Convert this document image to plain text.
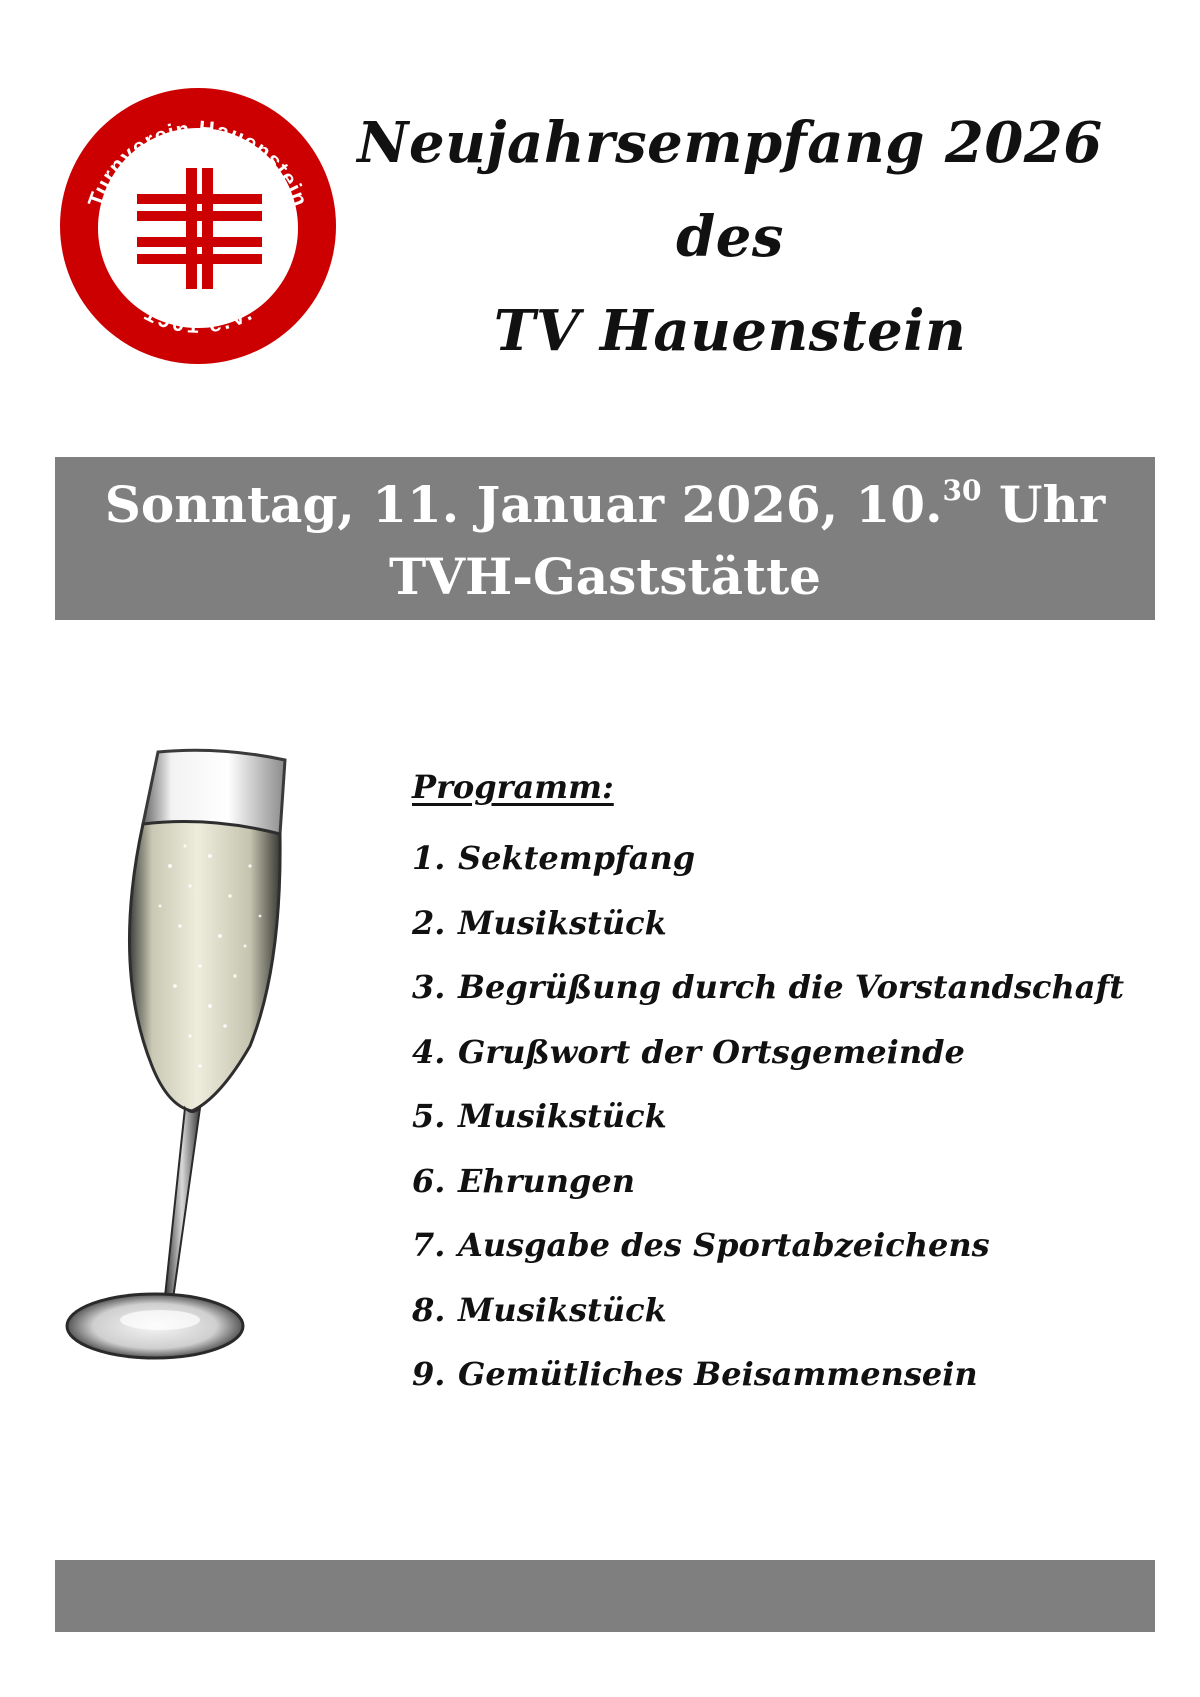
Turnverein Hauenstein
1901 e.V.
Neujahrsempfang 2026
des
TV Hauenstein
Sonntag, 11. Januar 2026, 10.30 Uhr
TVH-Gaststätte
Programm:
1. Sektempfang
2. Musikstück
3. Begrüßung durch die Vorstandschaft
4. Grußwort der Ortsgemeinde
5. Musikstück
6. Ehrungen
7. Ausgabe des Sportabzeichens
8. Musikstück
9. Gemütliches Beisammensein
